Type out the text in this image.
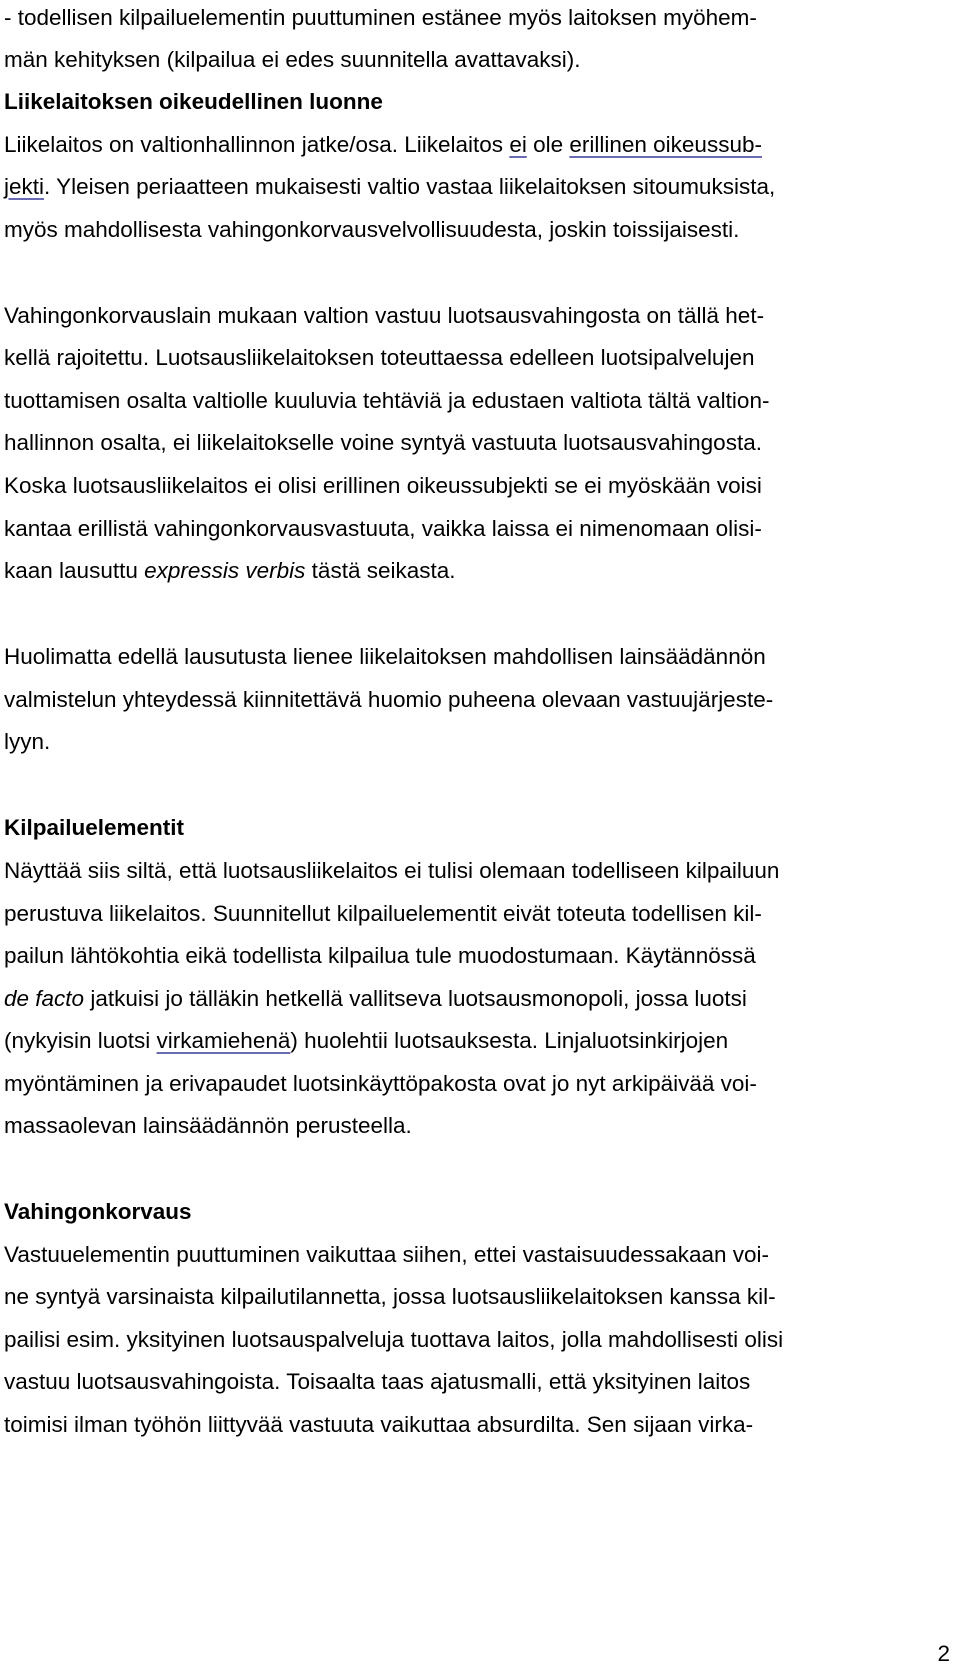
- todellisen kilpailuelementin puuttuminen estänee myös laitoksen myöhem-
män kehityksen (kilpailua ei edes suunnitella avattavaksi).
Liikelaitoksen oikeudellinen luonne
Liikelaitos on valtionhallinnon jatke/osa. Liikelaitos ei ole erillinen oikeussub-
jekti. Yleisen periaatteen mukaisesti valtio vastaa liikelaitoksen sitoumuksista,
myös mahdollisesta vahingonkorvausvelvollisuudesta, joskin toissijaisesti.
Vahingonkorvauslain mukaan valtion vastuu luotsausvahingosta on tällä het-
kellä rajoitettu. Luotsausliikelaitoksen toteuttaessa edelleen luotsipalvelujen
tuottamisen osalta valtiolle kuuluvia tehtäviä ja edustaen valtiota tältä valtion-
hallinnon osalta, ei liikelaitokselle voine syntyä vastuuta luotsausvahingosta.
Koska luotsausliikelaitos ei olisi erillinen oikeussubjekti se ei myöskään voisi
kantaa erillistä vahingonkorvausvastuuta, vaikka laissa ei nimenomaan olisi-
kaan lausuttu expressis verbis tästä seikasta.
Huolimatta edellä lausutusta lienee liikelaitoksen mahdollisen lainsäädännön
valmistelun yhteydessä kiinnitettävä huomio puheena olevaan vastuujärjeste-
lyyn.
Kilpailuelementit
Näyttää siis siltä, että luotsausliikelaitos ei tulisi olemaan todelliseen kilpailuun
perustuva liikelaitos. Suunnitellut kilpailuelementit eivät toteuta todellisen kil-
pailun lähtökohtia eikä todellista kilpailua tule muodostumaan. Käytännössä
de facto jatkuisi jo tälläkin hetkellä vallitseva luotsausmonopoli, jossa luotsi
(nykyisin luotsi virkamiehenä) huolehtii luotsauksesta. Linjaluotsinkirjojen
myöntäminen ja erivapaudet luotsinkäyttöpakosta ovat jo nyt arkipäivää voi-
massaolevan lainsäädännön perusteella.
Vahingonkorvaus
Vastuuelementin puuttuminen vaikuttaa siihen, ettei vastaisuudessakaan voi-
ne syntyä varsinaista kilpailutilannetta, jossa luotsausliikelaitoksen kanssa kil-
pailisi esim. yksityinen luotsauspalveluja tuottava laitos, jolla mahdollisesti olisi
vastuu luotsausvahingoista. Toisaalta taas ajatusmalli, että yksityinen laitos
toimisi ilman työhön liittyvää vastuuta vaikuttaa absurdilta. Sen sijaan virka-
2
